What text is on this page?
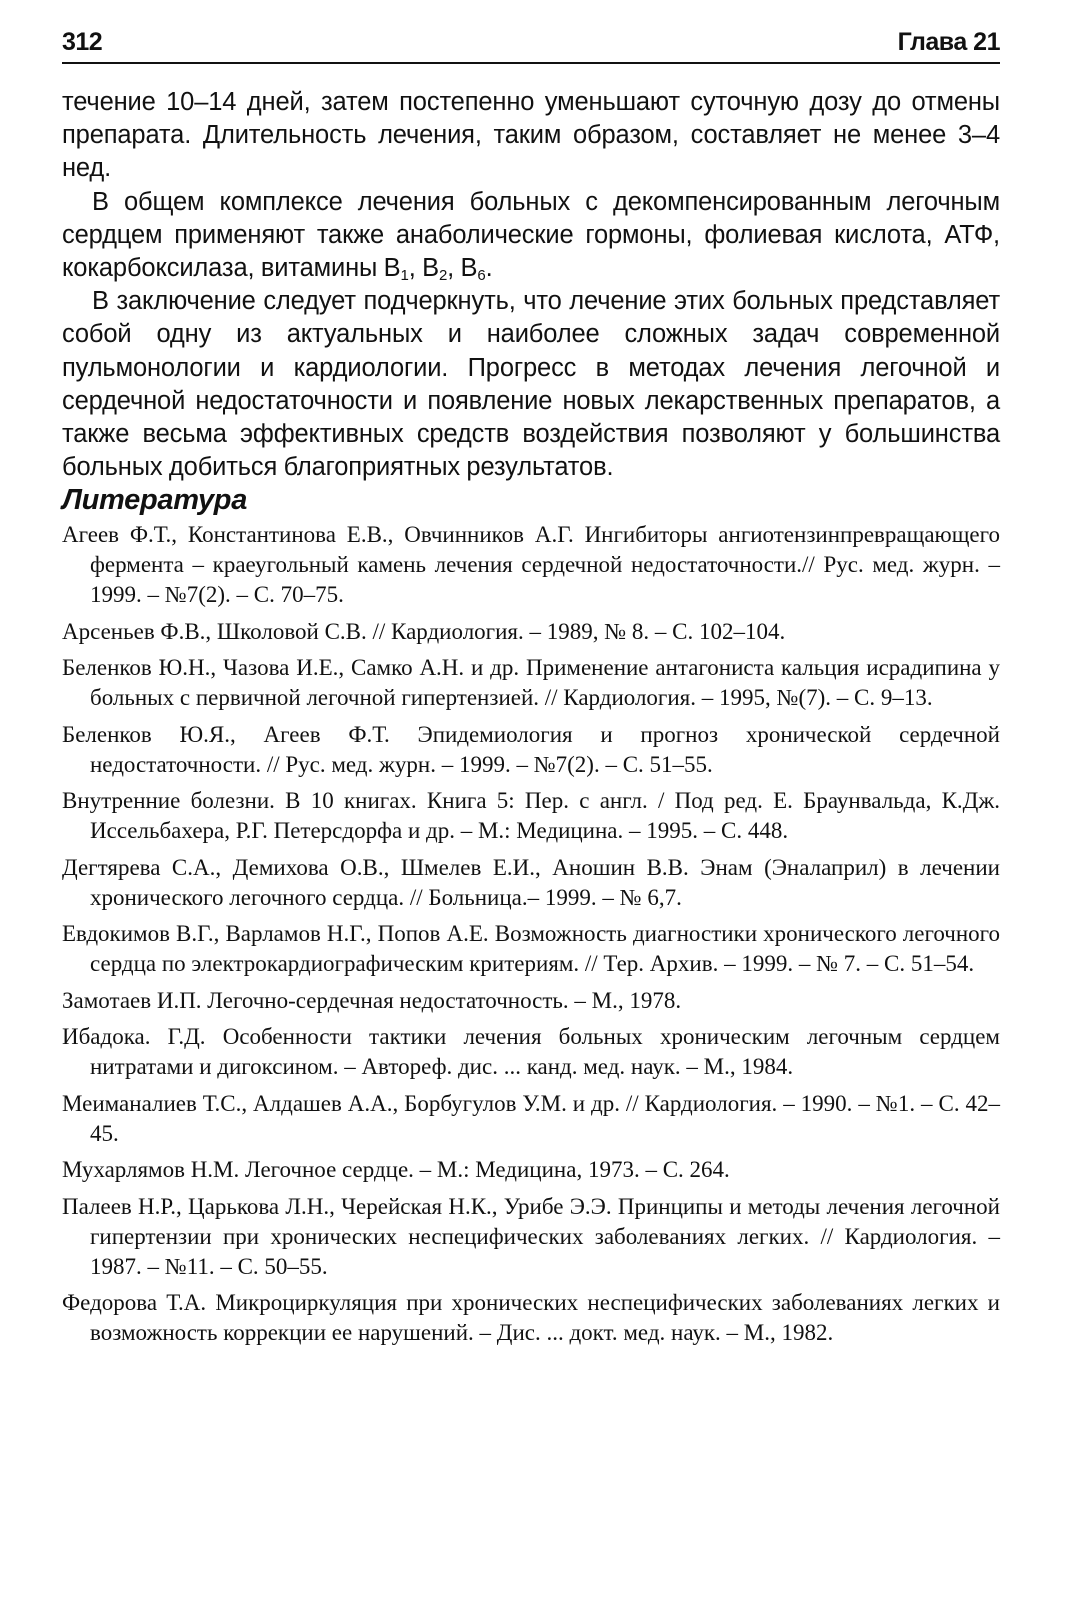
312	Глава 21

течение 10–14 дней, затем постепенно уменьшают суточную дозу до отмены препарата. Длительность лечения, таким образом, составляет не менее 3–4 нед.

В общем комплексе лечения больных с декомпенсированным легочным сердцем применяют также анаболические гормоны, фолиевая кислота, АТФ, кокарбоксилаза, витамины $В_1$, $В_2$, $В_6$.

В заключение следует подчеркнуть, что лечение этих больных представляет собой одну из актуальных и наиболее сложных задач современной пульмонологии и кардиологии. Прогресс в методах лечения легочной и сердечной недостаточности и появление новых лекарственных препаратов, а также весьма эффективных средств воздействия позволяют у большинства больных добиться благоприятных результатов.

Литература
Агеев Ф.Т., Константинова Е.В., Овчинников А.Г. Ингибиторы ангиотензинпревращающего фермента – краеугольный камень лечения сердечной недостаточности.// Рус. мед. журн. – 1999. – №7(2). – С. 70–75.
Арсеньев Ф.В., Школовой С.В. // Кардиология. – 1989, № 8. – С. 102–104.
Беленков Ю.Н., Чазова И.Е., Самко А.Н. и др. Применение антагониста кальция исрадипина у больных с первичной легочной гипертензией. // Кардиология. – 1995, №(7). – С. 9–13.
Беленков Ю.Я., Агеев Ф.Т. Эпидемиология и прогноз хронической сердечной недостаточности. // Рус. мед. журн. – 1999. – №7(2). – С. 51–55.
Внутренние болезни. В 10 книгах. Книга 5: Пер. с англ. / Под ред. Е. Браунвальда, К.Дж. Иссельбахера, Р.Г. Петерсдорфа и др. – М.: Медицина. – 1995. – С. 448.
Дегтярева С.А., Демихова О.В., Шмелев Е.И., Аношин В.В. Энам (Эналаприл) в лечении хронического легочного сердца. // Больница.– 1999. – № 6,7.
Евдокимов В.Г., Варламов Н.Г., Попов А.Е. Возможность диагностики хронического легочного сердца по электрокардиографическим критериям. // Тер. Архив. – 1999. – № 7. – С. 51–54.
Замотаев И.П. Легочно-сердечная недостаточность. – М., 1978.
Ибадока. Г.Д. Особенности тактики лечения больных хроническим легочным сердцем нитратами и дигоксином. – Автореф. дис. ... канд. мед. наук. – М., 1984.
Меиманалиев Т.С., Алдашев А.А., Борбугулов У.М. и др. // Кардиология. – 1990. – №1. – С. 42–45.
Мухарлямов Н.М. Легочное сердце. – М.: Медицина, 1973. – С. 264.
Палеев Н.Р., Царькова Л.Н., Черейская Н.К., Урибе Э.Э. Принципы и методы лечения легочной гипертензии при хронических неспецифических заболеваниях легких. // Кардиология. – 1987. – №11. – С. 50–55.
Федорова Т.А. Микроциркуляция при хронических неспецифических заболеваниях легких и возможность коррекции ее нарушений. – Дис. ... докт. мед. наук. – М., 1982.
